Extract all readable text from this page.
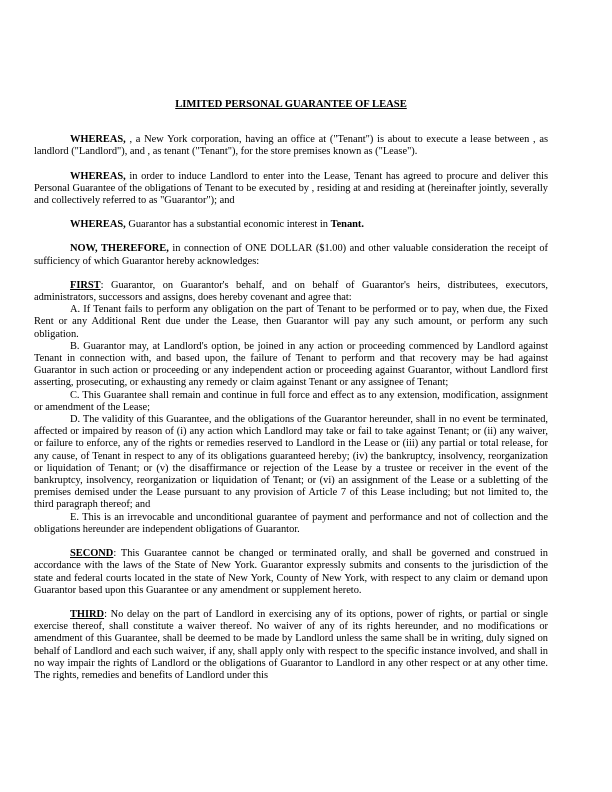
LIMITED PERSONAL GUARANTEE OF LEASE

WHEREAS, , a New York corporation, having an office at ("Tenant") is about to execute a lease between , as landlord ("Landlord"), and , as tenant ("Tenant"), for the store premises known as ("Lease").

WHEREAS, in order to induce Landlord to enter into the Lease, Tenant has agreed to procure and deliver this Personal Guarantee of the obligations of Tenant to be executed by , residing at and residing at (hereinafter jointly, severally and collectively referred to as "Guarantor"); and

WHEREAS, Guarantor has a substantial economic interest in Tenant.

NOW, THEREFORE, in connection of ONE DOLLAR ($1.00) and other valuable consideration the receipt of sufficiency of which Guarantor hereby acknowledges:

FIRST: Guarantor, on Guarantor's behalf, and on behalf of Guarantor's heirs, distributees, executors, administrators, successors and assigns, does hereby covenant and agree that:

A. If Tenant fails to perform any obligation on the part of Tenant to be performed or to pay, when due, the Fixed Rent or any Additional Rent due under the Lease, then Guarantor will pay any such amount, or perform any such obligation.

B. Guarantor may, at Landlord's option, be joined in any action or proceeding commenced by Landlord against Tenant in connection with, and based upon, the failure of Tenant to perform and that recovery may be had against Guarantor in such action or proceeding or any independent action or proceeding against Guarantor, without Landlord first asserting, prosecuting, or exhausting any remedy or claim against Tenant or any assignee of Tenant;

C. This Guarantee shall remain and continue in full force and effect as to any extension, modification, assignment or amendment of the Lease;

D. The validity of this Guarantee, and the obligations of the Guarantor hereunder, shall in no event be terminated, affected or impaired by reason of (i) any action which Landlord may take or fail to take against Tenant; or (ii) any waiver, or failure to enforce, any of the rights or remedies reserved to Landlord in the Lease or (iii) any partial or total release, for any cause, of Tenant in respect to any of its obligations guaranteed hereby; (iv) the bankruptcy, insolvency, reorganization or liquidation of Tenant; or (v) the disaffirmance or rejection of the Lease by a trustee or receiver in the event of the bankruptcy, insolvency, reorganization or liquidation of Tenant; or (vi) an assignment of the Lease or a subletting of the premises demised under the Lease pursuant to any provision of Article 7 of this Lease including; but not limited to, the third paragraph thereof; and

E. This is an irrevocable and unconditional guarantee of payment and performance and not of collection and the obligations hereunder are independent obligations of Guarantor.

SECOND: This Guarantee cannot be changed or terminated orally, and shall be governed and construed in accordance with the laws of the State of New York. Guarantor expressly submits and consents to the jurisdiction of the state and federal courts located in the state of New York, County of New York, with respect to any claim or demand upon Guarantor based upon this Guarantee or any amendment or supplement hereto.

THIRD: No delay on the part of Landlord in exercising any of its options, power of rights, or partial or single exercise thereof, shall constitute a waiver thereof. No waiver of any of its rights hereunder, and no modifications or amendment of this Guarantee, shall be deemed to be made by Landlord unless the same shall be in writing, duly signed on behalf of Landlord and each such waiver, if any, shall apply only with respect to the specific instance involved, and shall in no way impair the rights of Landlord or the obligations of Guarantor to Landlord in any other respect or at any other time. The rights, remedies and benefits of Landlord under this
